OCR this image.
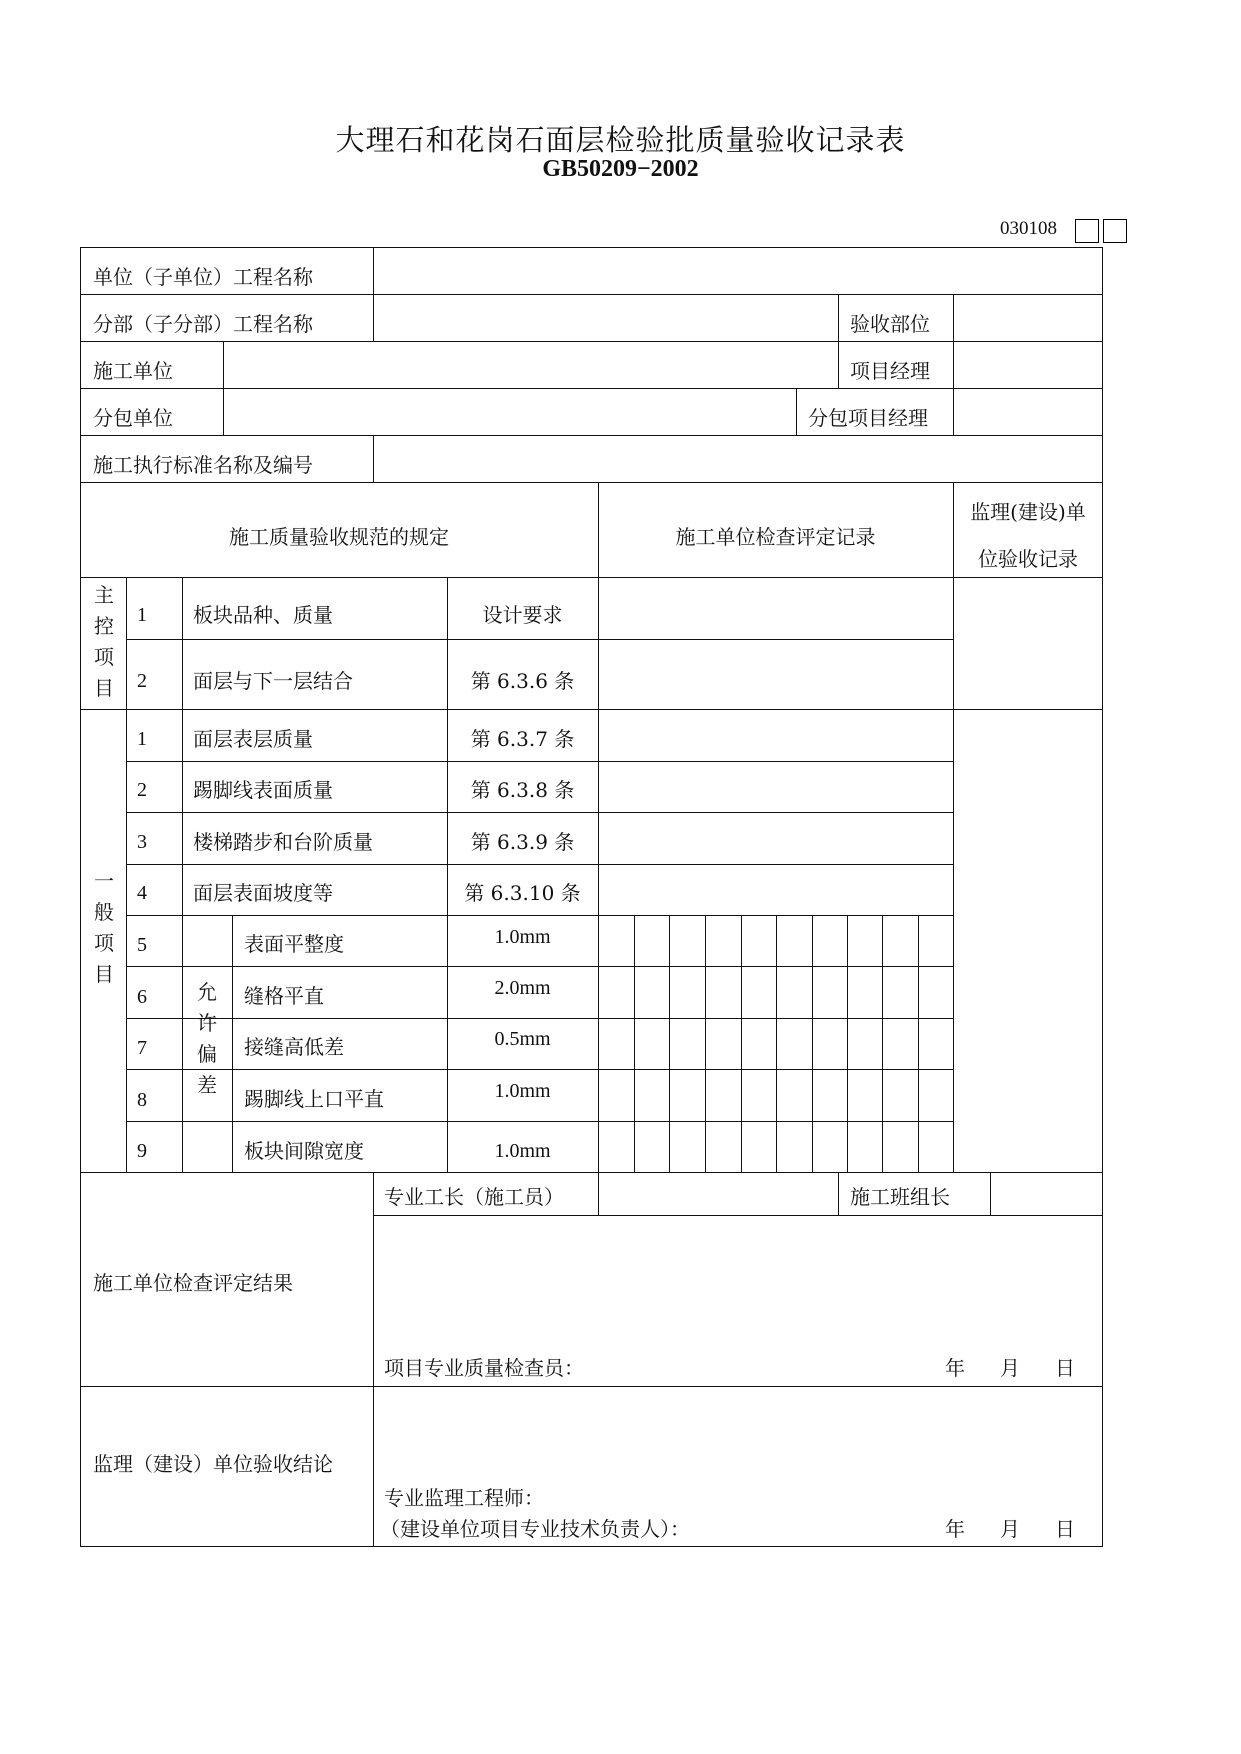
大理石和花岗石面层检验批质量验收记录表
GB50209−2002
030108
单位（子单位）工程名称
分部（子分部）工程名称	验收部位
施工单位	项目经理
分包单位	分包项目经理
施工执行标准名称及编号
施工质量验收规范的规定	施工单位检查评定记录
监理(建设)单
位验收记录
主
控
项
目
1 板块品种、质量	设计要求
2 面层与下一层结合	第 6.3.6 条
一
般
项
目
1 面层表层质量	第 6.3.7 条
2 踢脚线表面质量	第 6.3.8 条
3 楼梯踏步和台阶质量	第 6.3.9 条
4 面层表面坡度等	第 6.3.10 条
允
许
偏
差
5	表面平整度	1.0mm
6	缝格平直	2.0mm
7	接缝高低差	0.5mm
8	踢脚线上口平直	1.0mm
9	板块间隙宽度	1.0mm
专业工长（施工员）	施工班组长
施工单位检查评定结果
项目专业质量检查员：	年 月 日
监理（建设）单位验收结论
专业监理工程师：
（建设单位项目专业技术负责人）：	年 月 日
